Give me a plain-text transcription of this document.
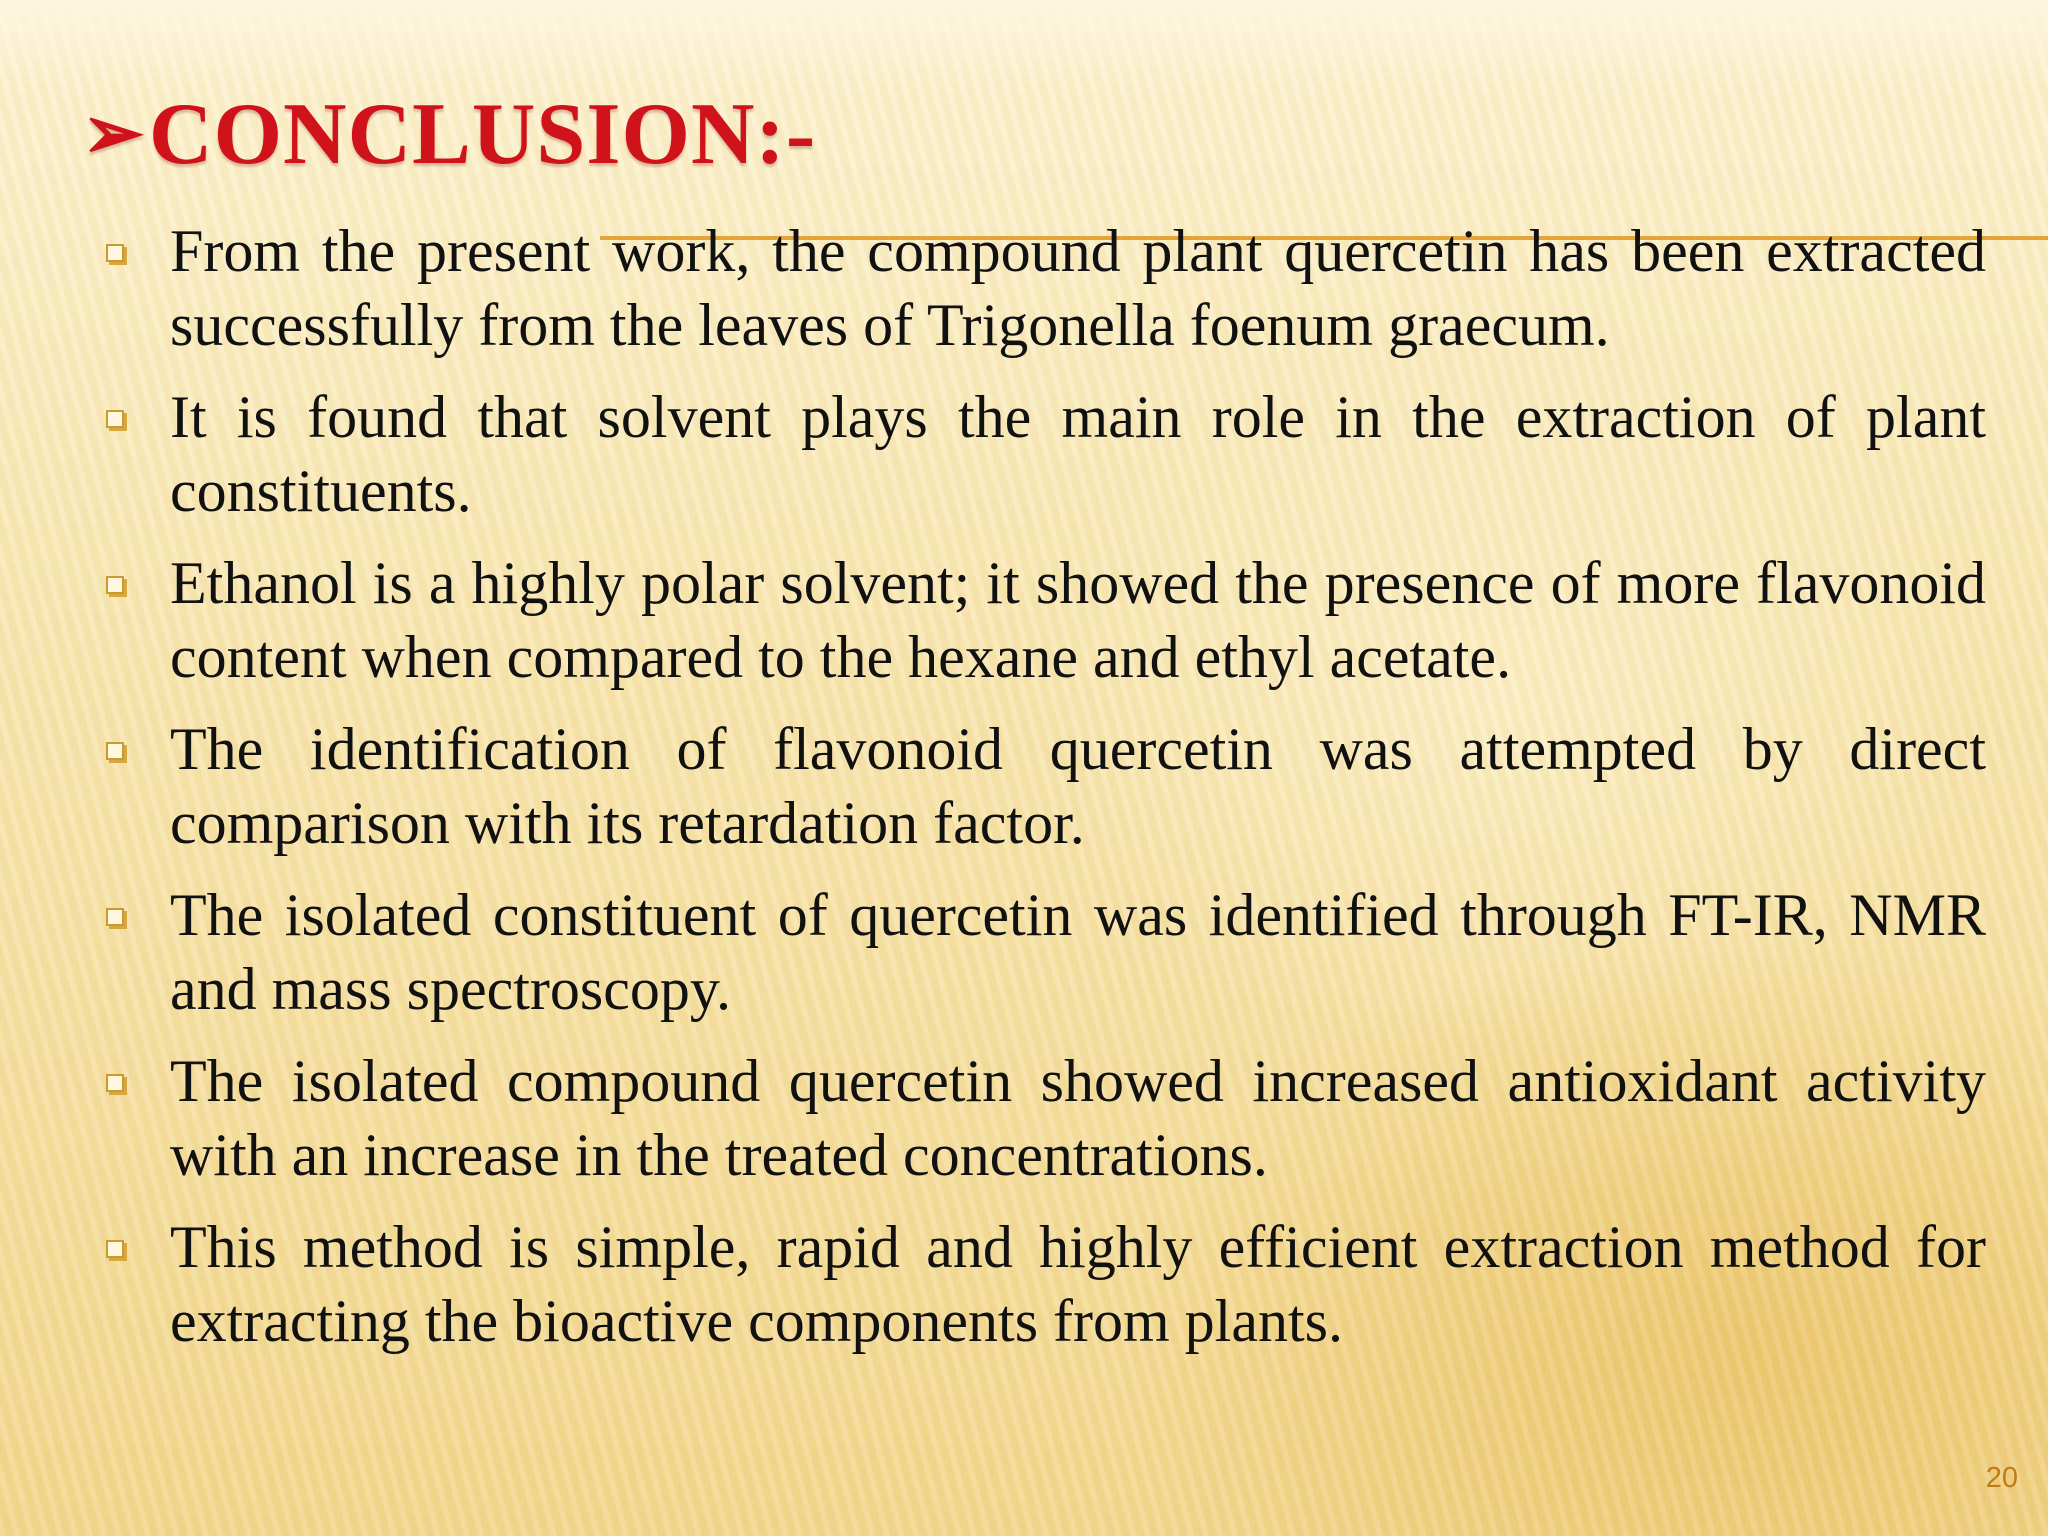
➢ CONCLUSION:-
From the present work, the compound plant quercetin has been extracted successfully from the leaves of Trigonella foenum graecum.
It is found that solvent plays the main role in the extraction of plant constituents.
Ethanol is a highly polar solvent; it showed the presence of more flavonoid content when compared to the hexane and ethyl acetate.
The identification of flavonoid quercetin was attempted by direct comparison with its retardation factor.
The isolated constituent of quercetin was identified through FT-IR, NMR and mass spectroscopy.
The isolated compound quercetin showed increased antioxidant activity with an increase in the treated concentrations.
This method is simple, rapid and highly efficient extraction method for extracting the bioactive components from plants.
20
